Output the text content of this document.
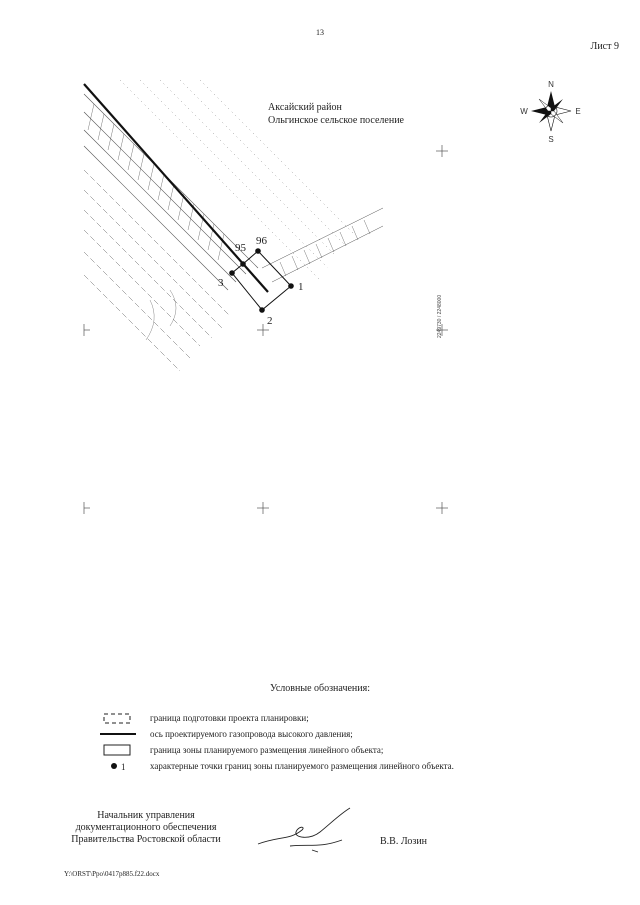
13
Лист 9
95
96
3	1
2	2249730 / 2248000
N
S
E
W
Аксайский район
Ольгинское сельское поселение
Условные обозначения:
граница подготовки проекта планировки;
ось проектируемого газопровода высокого давления;
граница зоны планируемого размещения линейного объекта;
1	характерные точки границ зоны планируемого размещения линейного объекта.
Начальник управления
документационного обеспечения
Правительства Ростовской области	В.В. Лозин
Y:\ORST\Ppo\0417p885.f22.docx
